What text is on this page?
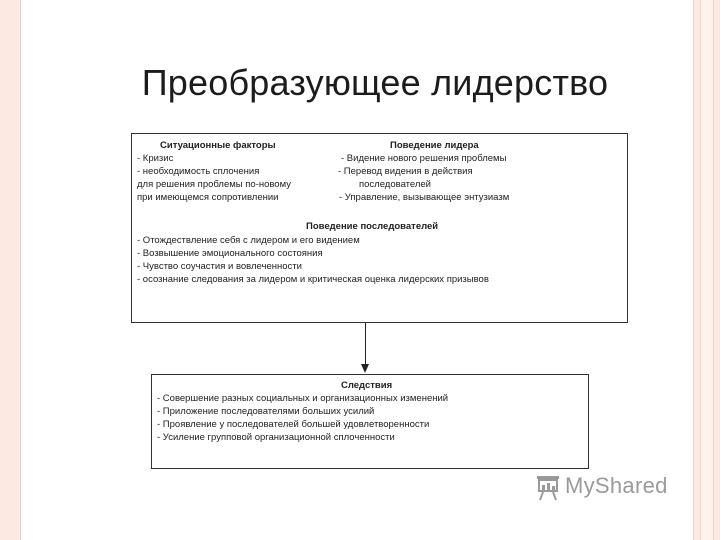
Преобразующее лидерство
Ситуационные факторы
- Кризис
- необходимость сплочения
для решения проблемы по-новому
при имеющемся сопротивлении
Поведение лидера
- Видение нового решения проблемы
- Перевод видения в действия
последователей
- Управление, вызывающее энтузиазм
Поведение последователей
- Отождествление себя с лидером и его видением
- Возвышение эмоционального состояния
- Чувство соучастия и вовлеченности
- осознание следования за лидером и критическая оценка лидерских призывов
Следствия
- Совершение разных социальных и организационных изменений
- Приложение последователями больших усилий
- Проявление у последователей большей удовлетворенности
- Усиление групповой организационной сплоченности
MyShared
